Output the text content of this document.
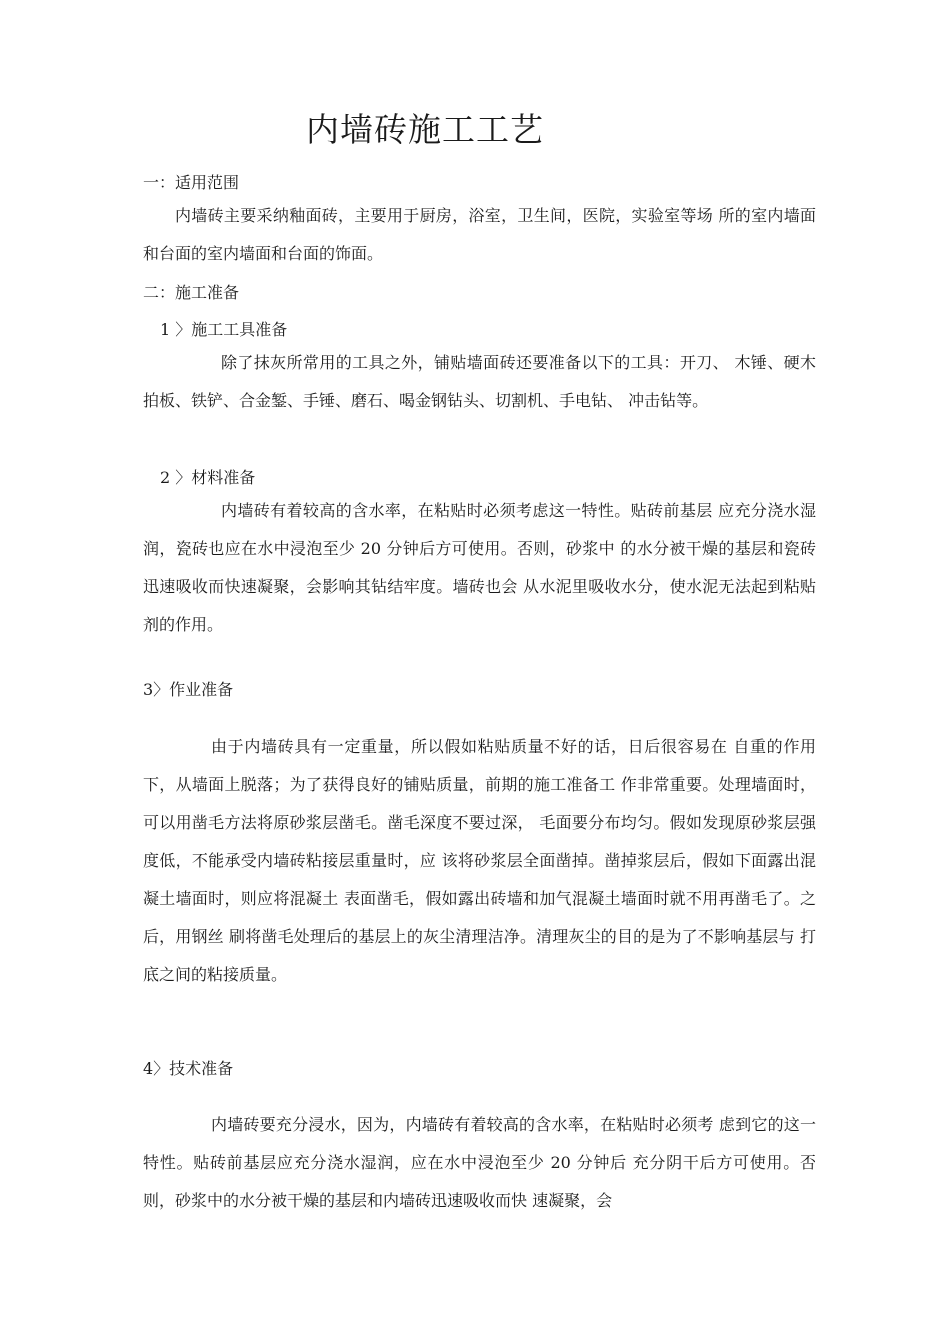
内墙砖施工工艺
一：适用范围
内墙砖主要采纳釉面砖，主要用于厨房，浴室，卫生间，医院，实验室等场 所的室内墙面和台面的室内墙面和台面的饰面。
二：施工准备
1 〉施工工具准备
除了抹灰所常用的工具之外，铺贴墙面砖还要准备以下的工具：开刀、 木锤、硬木拍板、铁铲、合金錾、手锤、磨石、喝金钢钻头、切割机、手电钻、 冲击钻等。
2 〉材料准备
内墙砖有着较高的含水率，在粘贴时必须考虑这一特性。贴砖前基层 应充分浇水湿润，瓷砖也应在水中浸泡至少 20 分钟后方可使用。否则，砂浆中 的水分被干燥的基层和瓷砖迅速吸收而快速凝聚，会影响其钻结牢度。墙砖也会 从水泥里吸收水分，使水泥无法起到粘贴剂的作用。
3〉作业准备
由于内墙砖具有一定重量，所以假如粘贴质量不好的话，日后很容易在 自重的作用下，从墙面上脱落；为了获得良好的铺贴质量，前期的施工准备工 作非常重要。处理墙面时，可以用凿毛方法将原砂浆层凿毛。凿毛深度不要过深， 毛面要分布均匀。假如发现原砂浆层强度低，不能承受内墙砖粘接层重量时，应 该将砂浆层全面凿掉。凿掉浆层后，假如下面露出混凝土墙面时，则应将混凝土 表面凿毛，假如露出砖墙和加气混凝土墙面时就不用再凿毛了。之后，用钢丝 刷将凿毛处理后的基层上的灰尘清理洁净。清理灰尘的目的是为了不影响基层与 打底之间的粘接质量。
4〉技术准备
内墙砖要充分浸水，因为，内墙砖有着较高的含水率，在粘贴时必须考 虑到它的这一特性。贴砖前基层应充分浇水湿润，应在水中浸泡至少 20 分钟后 充分阴干后方可使用。否则，砂浆中的水分被干燥的基层和内墙砖迅速吸收而快 速凝聚，会
